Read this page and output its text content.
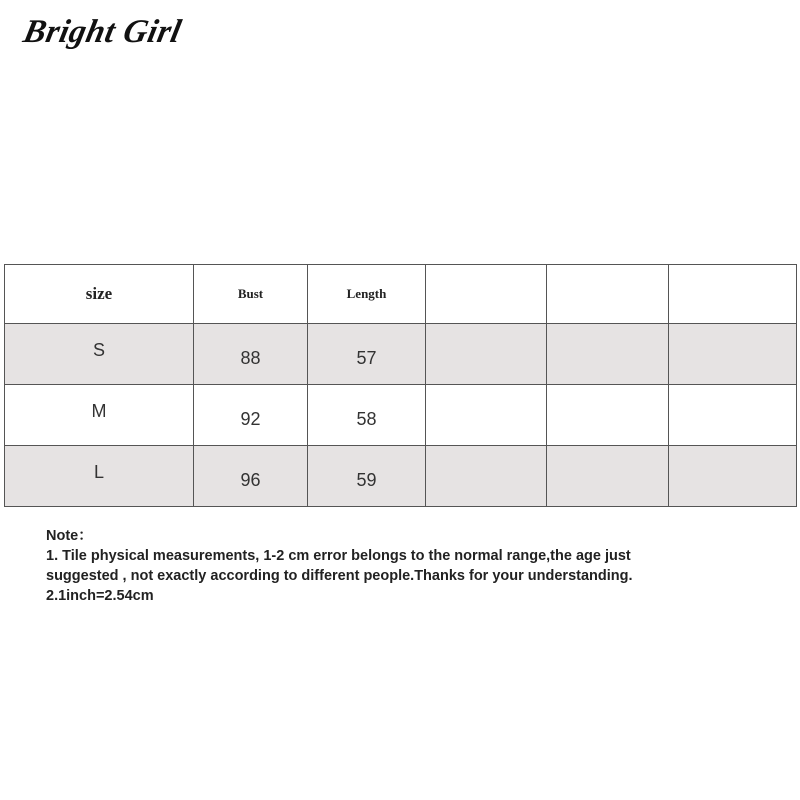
Bright Girl
size	Bust	Length			

S	88	57			

M	92	58			

L	96	59			

Note：
1. Tile physical measurements, 1-2 cm error belongs to the normal range,the age just
suggested , not exactly according to different people.Thanks for your understanding.
2.1inch=2.54cm
